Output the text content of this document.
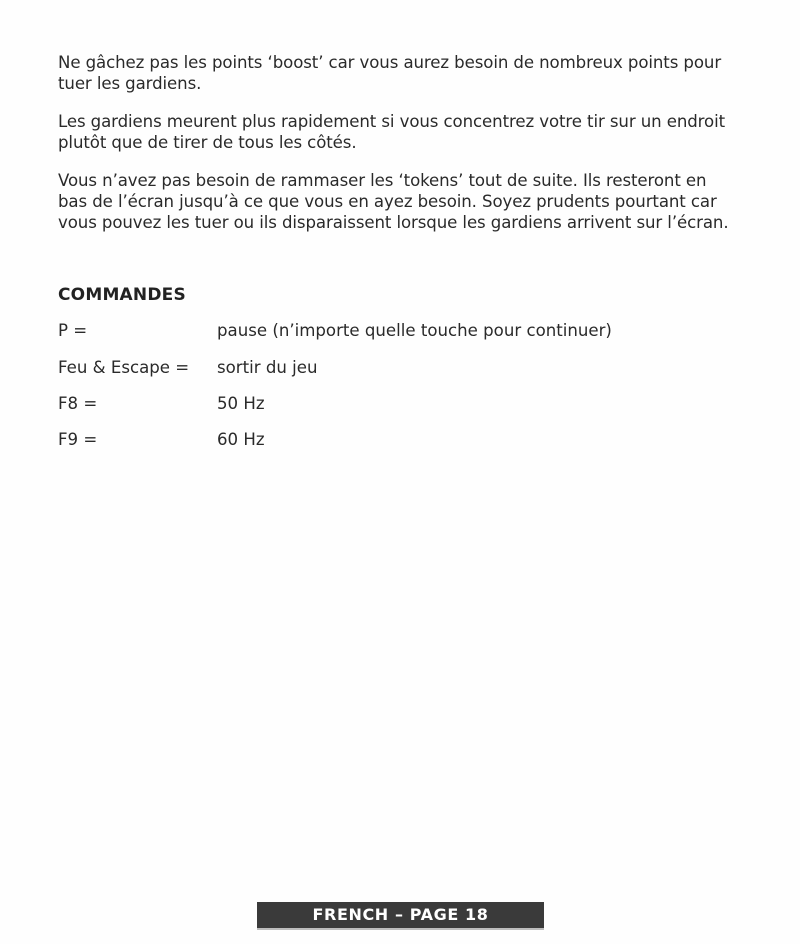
Ne gâchez pas les points ‘boost’ car vous aurez besoin de nombreux points pour tuer les gardiens.

Les gardiens meurent plus rapidement si vous concentrez votre tir sur un endroit plutôt que de tirer de tous les côtés.

Vous n’avez pas besoin de rammaser les ‘tokens’ tout de suite. Ils resteront en bas de l’écran jusqu’à ce que vous en ayez besoin. Soyez prudents pourtant car vous pouvez les tuer ou ils disparaissent lorsque les gardiens arrivent sur l’écran.

COMMANDES
P =	pause (n’importe quelle touche pour continuer)
Feu & Escape = sortir du jeu
F8 =	50 Hz
F9 =	60 Hz
FRENCH – PAGE 18
